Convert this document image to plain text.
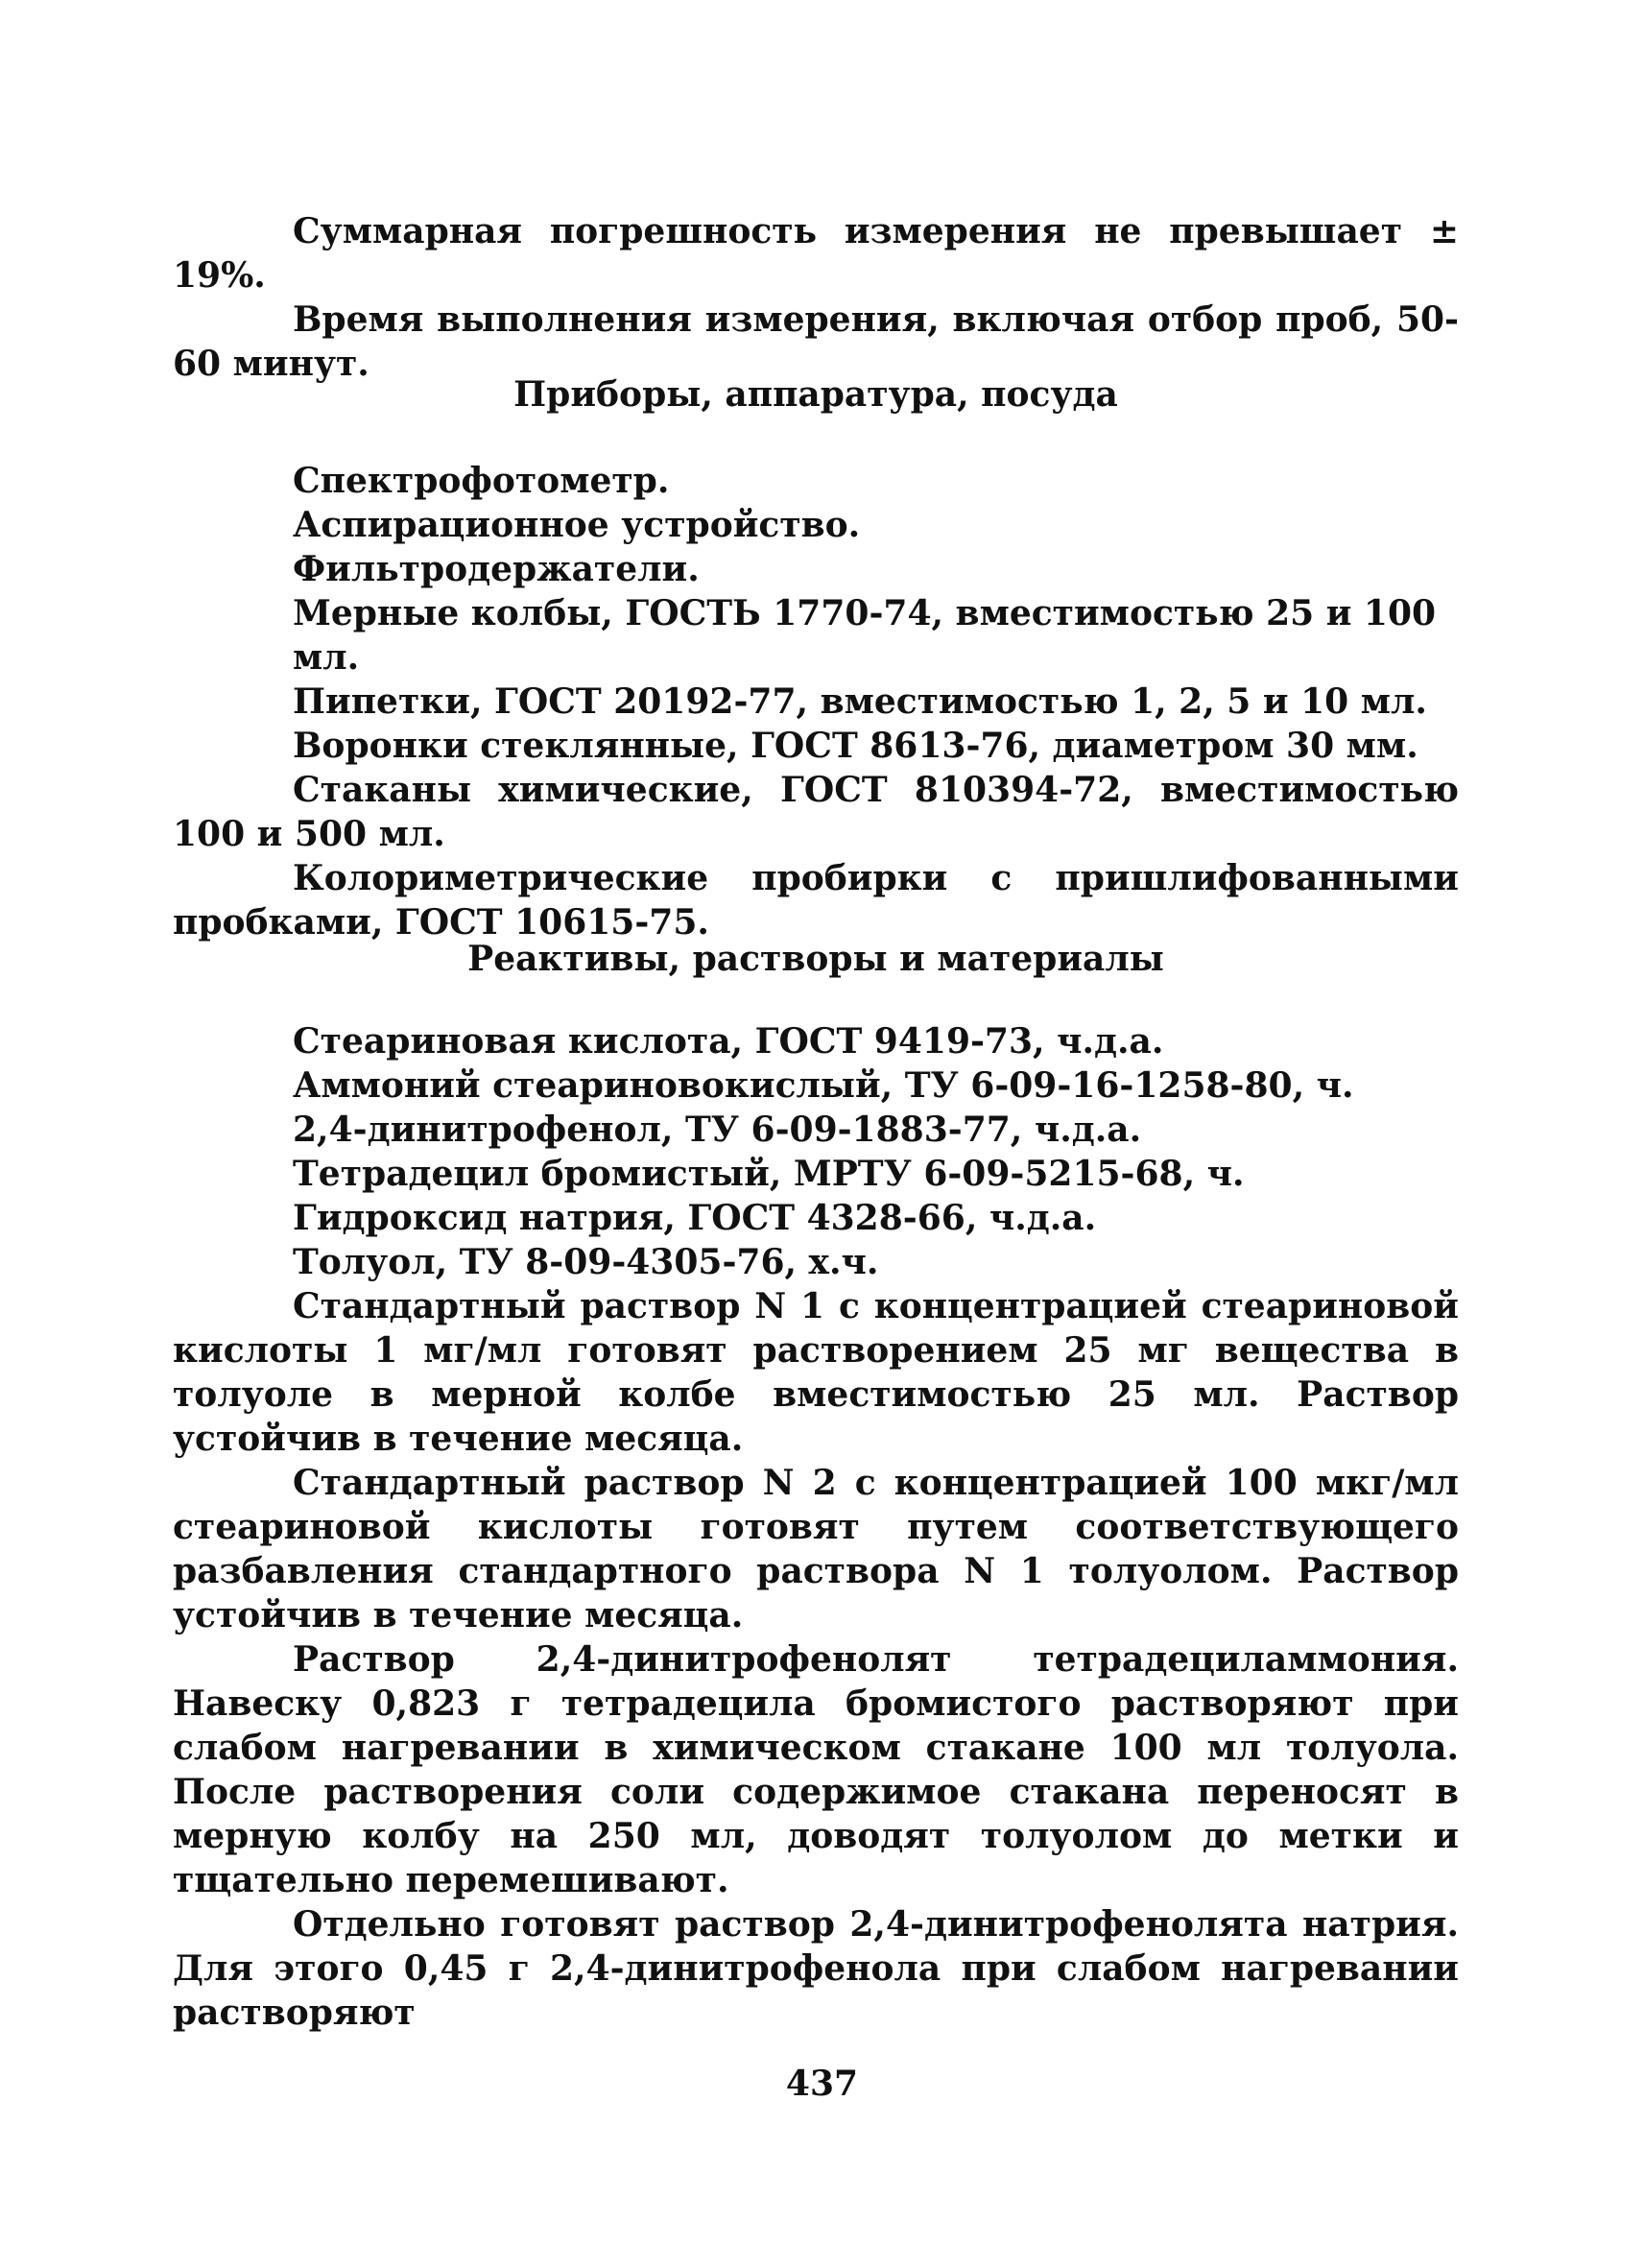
Суммарная погрешность измерения не превышает ± 19%.

Время выполнения измерения, включая отбор проб, 50-60 минут.

Приборы, аппаратура, посуда
Спектрофотометр.
Аспирационное устройство.
Фильтродержатели.
Мерные колбы, ГОСТЬ 1770-74, вместимостью 25 и 100 мл.
Пипетки, ГОСТ 20192-77, вместимостью 1, 2, 5 и 10 мл.
Воронки стеклянные, ГОСТ 8613-76, диаметром 30 мм.

Стаканы химические, ГОСТ 810394-72, вместимостью 100 и 500 мл.

Колориметрические пробирки с пришлифованными пробками, ГОСТ 10615-75.

Реактивы, растворы и материалы
Стеариновая кислота, ГОСТ 9419-73, ч.д.а.
Аммоний стеариновокислый, ТУ 6-09-16-1258-80, ч.
2,4-динитрофенол, ТУ 6-09-1883-77, ч.д.а.
Тетрадецил бромистый, МРТУ 6-09-5215-68, ч.
Гидроксид натрия, ГОСТ 4328-66, ч.д.а.
Толуол, ТУ 8-09-4305-76, х.ч.

Стандартный раствор N 1 с концентрацией стеариновой кислоты 1 мг/мл готовят растворением 25 мг вещества в толуоле в мерной колбе вместимостью 25 мл. Раствор устойчив в течение месяца.

Стандартный раствор N 2 с концентрацией 100 мкг/мл стеариновой кислоты готовят путем соответствующего разбавления стандартного раствора N 1 толуолом. Раствор устойчив в течение месяца.

Раствор 2,4-динитрофенолят тетрадециламмония. Навеску 0,823 г тетрадецила бромистого растворяют при слабом нагревании в химическом стакане 100 мл толуола. После растворения соли содержимое стакана переносят в мерную колбу на 250 мл, доводят толуолом до метки и тщательно перемешивают.

Отдельно готовят раствор 2,4-динитрофенолята натрия. Для этого 0,45 г 2,4-динитрофенола при слабом нагревании растворяют

437
